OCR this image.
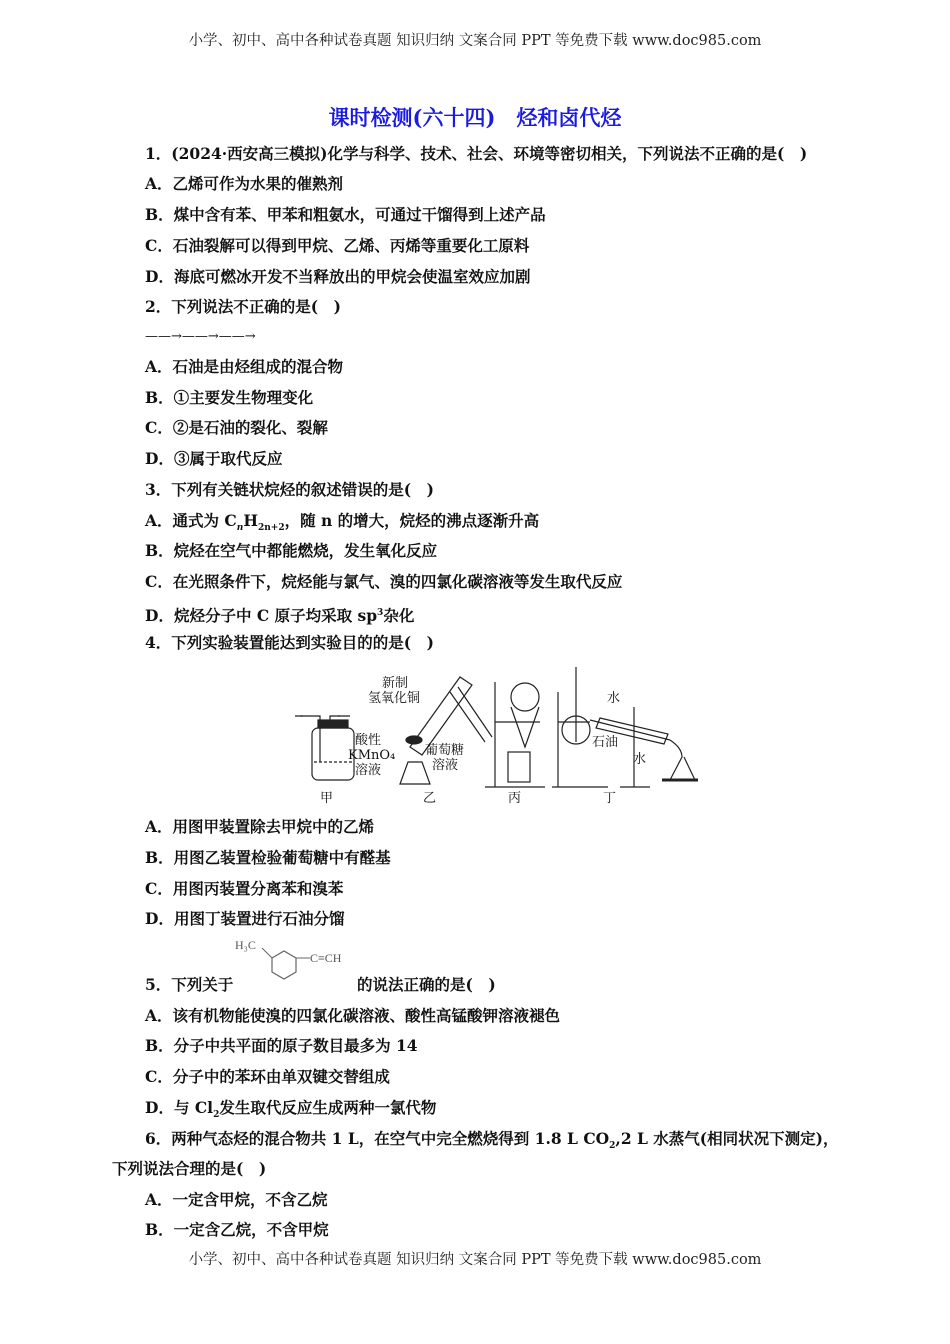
小学、初中、高中各种试卷真题 知识归纳 文案合同 PPT 等免费下载 www.doc985.com
课时检测(六十四)　烃和卤代烃
1．(2024·西安高三模拟)化学与科学、技术、社会、环境等密切相关，下列说法不正确的是(　)
A．乙烯可作为水果的催熟剂
B．煤中含有苯、甲苯和粗氨水，可通过干馏得到上述产品
C．石油裂解可以得到甲烷、乙烯、丙烯等重要化工原料
D．海底可燃冰开发不当释放出的甲烷会使温室效应加剧
2．下列说法不正确的是(　)
——→——→——→
A．石油是由烃组成的混合物
B．①主要发生物理变化
C．②是石油的裂化、裂解
D．③属于取代反应
3．下列有关链状烷烃的叙述错误的是(　)
A．通式为 $C_nH_{2n+2}$，随 n 的增大，烷烃的沸点逐渐升高
B．烷烃在空气中都能燃烧，发生氧化反应
C．在光照条件下，烷烃能与氯气、溴的四氯化碳溶液等发生取代反应
D．烷烃分子中 C 原子均采取 $sp^3$杂化
4．下列实验装置能达到实验目的的是(　)
酸性
KMnO₄
溶液
新制
氢氧化铜
葡萄糖
溶液
水
石油
水
甲	乙	丙	丁
A．用图甲装置除去甲烷中的乙烯
B．用图乙装置检验葡萄糖中有醛基
C．用图丙装置分离苯和溴苯
D．用图丁装置进行石油分馏
5．下列关于
H₃C
C≡CH
的说法正确的是(　)
A．该有机物能使溴的四氯化碳溶液、酸性高锰酸钾溶液褪色
B．分子中共平面的原子数目最多为 14
C．分子中的苯环由单双键交替组成
D．与 $Cl_2$发生取代反应生成两种一氯代物
6．两种气态烃的混合物共 1 L，在空气中完全燃烧得到 1.8 L $CO_2,2$ L 水蒸气(相同状况下测定)，
下列说法合理的是(　)
A．一定含甲烷，不含乙烷
B．一定含乙烷，不含甲烷
小学、初中、高中各种试卷真题 知识归纳 文案合同 PPT 等免费下载 www.doc985.com
